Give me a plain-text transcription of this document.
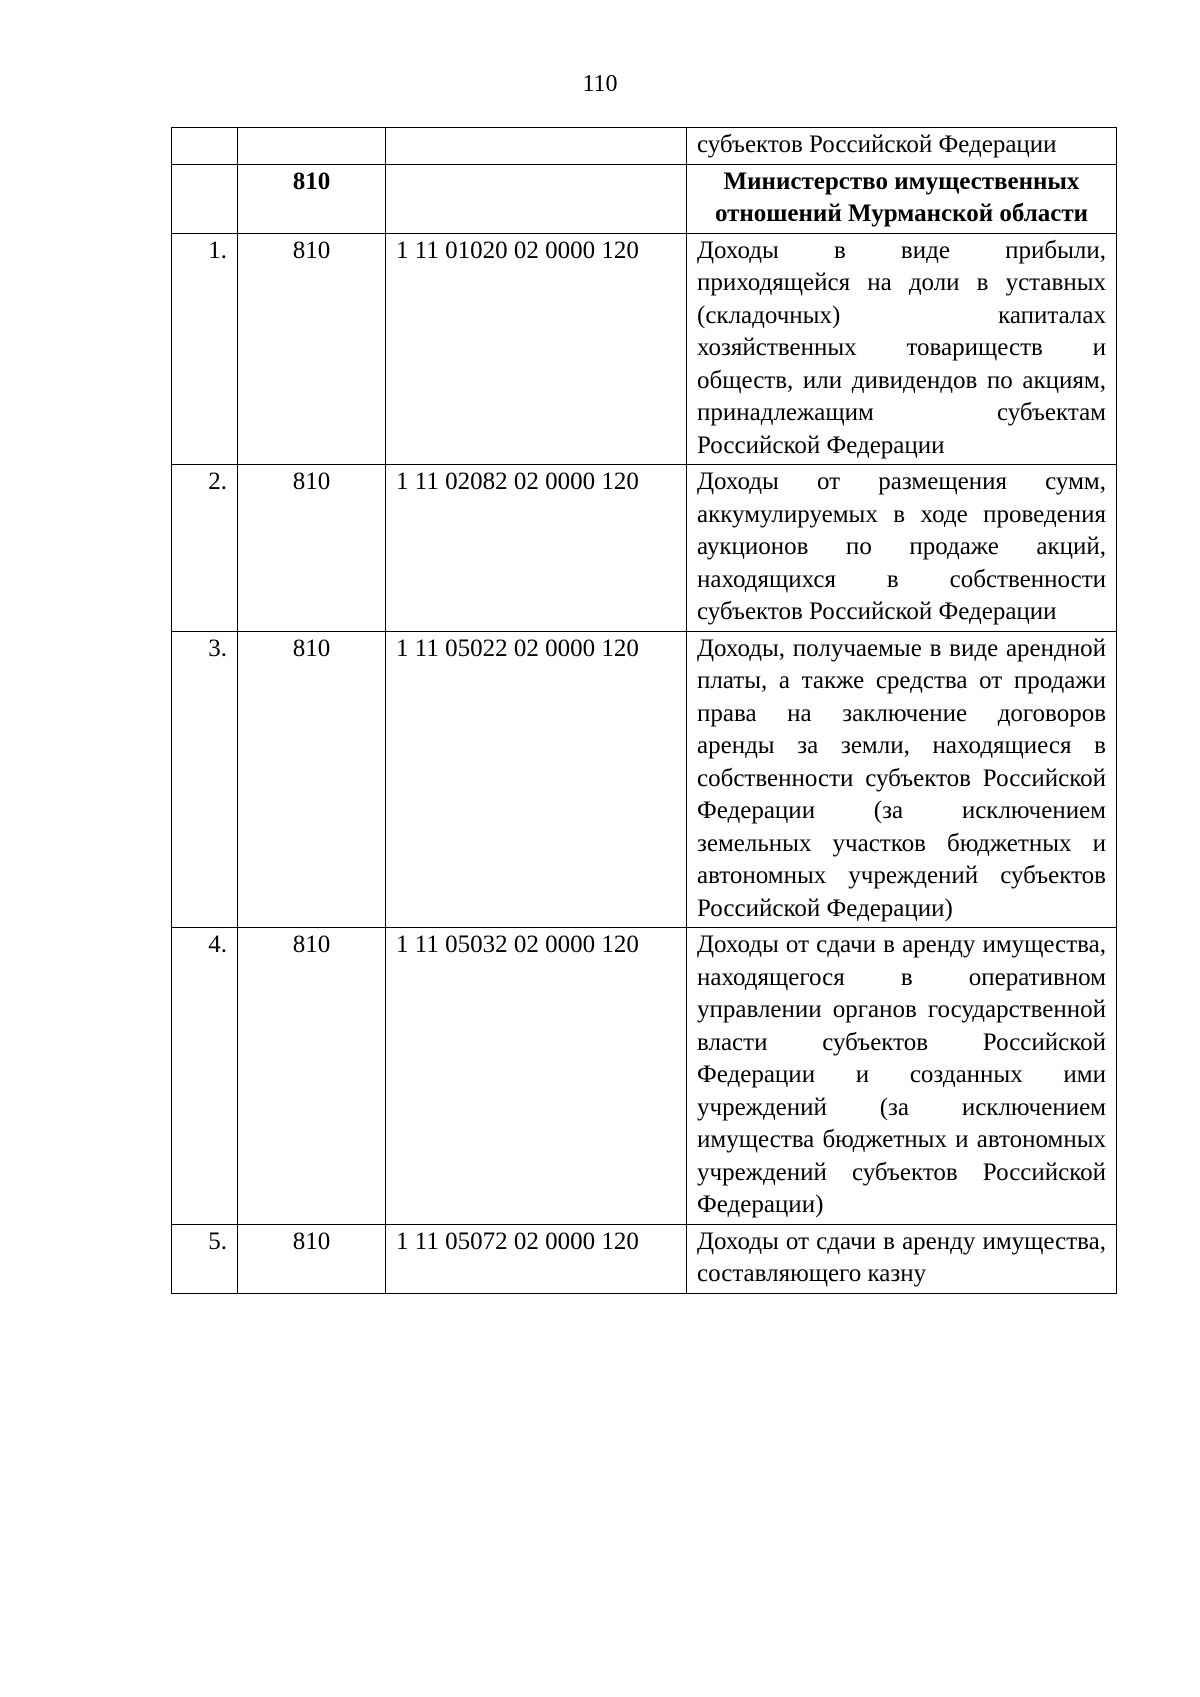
110
			субъектов Российской Федерации
	810		Министерство имущественных отношений Мурманской области
1.	810	1 11 01020 02 0000 120	Доходы в виде прибыли, приходящейся на доли в уставных (складочных) капиталах хозяйственных товариществ и обществ, или дивидендов по акциям, принадлежащим субъектам Российской Федерации
2.	810	1 11 02082 02 0000 120	Доходы от размещения сумм, аккумулируемых в ходе проведения аукционов по продаже акций, находящихся в собственности субъектов Российской Федерации
3.	810	1 11 05022 02 0000 120	Доходы, получаемые в виде арендной платы, а также средства от продажи права на заключение договоров аренды за земли, находящиеся в собственности субъектов Российской Федерации (за исключением земельных участков бюджетных и автономных учреждений субъектов Российской Федерации)
4.	810	1 11 05032 02 0000 120	Доходы от сдачи в аренду имущества, находящегося в оперативном управлении органов государственной власти субъектов Российской Федерации и созданных ими учреждений (за исключением имущества бюджетных и автономных учреждений субъектов Российской Федерации)
5.	810	1 11 05072 02 0000 120	Доходы от сдачи в аренду имущества, составляющего казну
